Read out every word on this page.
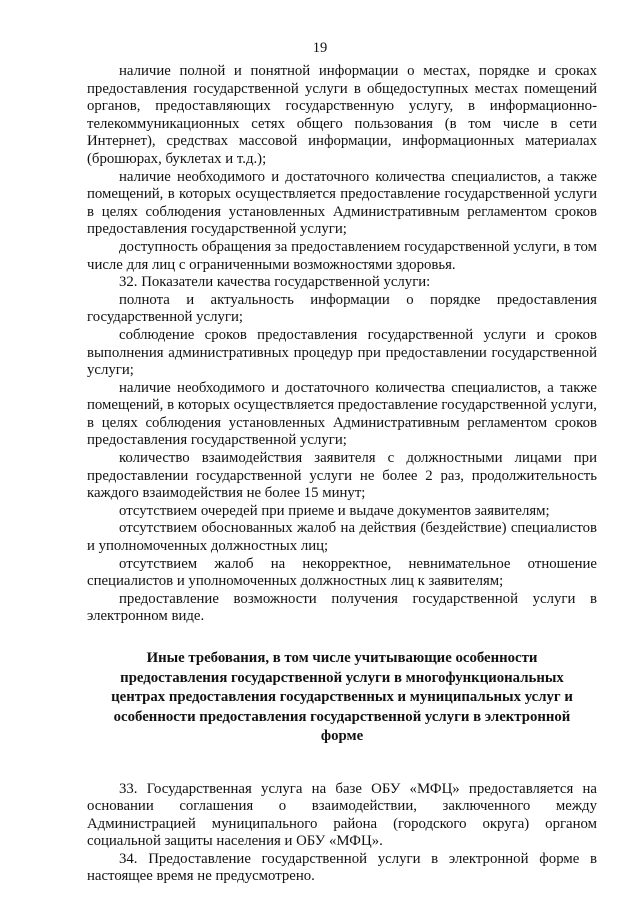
19

наличие полной и понятной информации о местах, порядке и сроках предоставления государственной услуги в общедоступных местах помещений органов, предоставляющих государственную услугу, в информационно-телекоммуникационных сетях общего пользования (в том числе в сети Интернет), средствах массовой информации, информационных материалах (брошюрах, буклетах и т.д.);

наличие необходимого и достаточного количества специалистов, а также помещений, в которых осуществляется предоставление государственной услуги в целях соблюдения установленных Административным регламентом сроков предоставления государственной услуги;

доступность обращения за предоставлением государственной услуги, в том числе для лиц с ограниченными возможностями здоровья.

32. Показатели качества государственной услуги:

полнота и актуальность информации о порядке предоставления государственной услуги;

соблюдение сроков предоставления государственной услуги и сроков выполнения административных процедур при предоставлении государственной услуги;

наличие необходимого и достаточного количества специалистов, а также помещений, в которых осуществляется предоставление государственной услуги, в целях соблюдения установленных Административным регламентом сроков предоставления государственной услуги;

количество взаимодействия заявителя с должностными лицами при предоставлении государственной услуги не более 2 раз, продолжительность каждого взаимодействия не более 15 минут;

отсутствием очередей при приеме и выдаче документов заявителям;

отсутствием обоснованных жалоб на действия (бездействие) специалистов и уполномоченных должностных лиц;

отсутствием жалоб на некорректное, невнимательное отношение специалистов и уполномоченных должностных лиц к заявителям;

предоставление возможности получения государственной услуги в электронном виде.

Иные требования, в том числе учитывающие особенности предоставления государственной услуги в многофункциональных центрах предоставления государственных и муниципальных услуг и особенности предоставления государственной услуги в электронной форме

33. Государственная услуга на базе ОБУ «МФЦ» предоставляется на основании соглашения о взаимодействии, заключенного между Администрацией муниципального района (городского округа) органом социальной защиты населения и ОБУ «МФЦ».

34. Предоставление государственной услуги в электронной форме в настоящее время не предусмотрено.
